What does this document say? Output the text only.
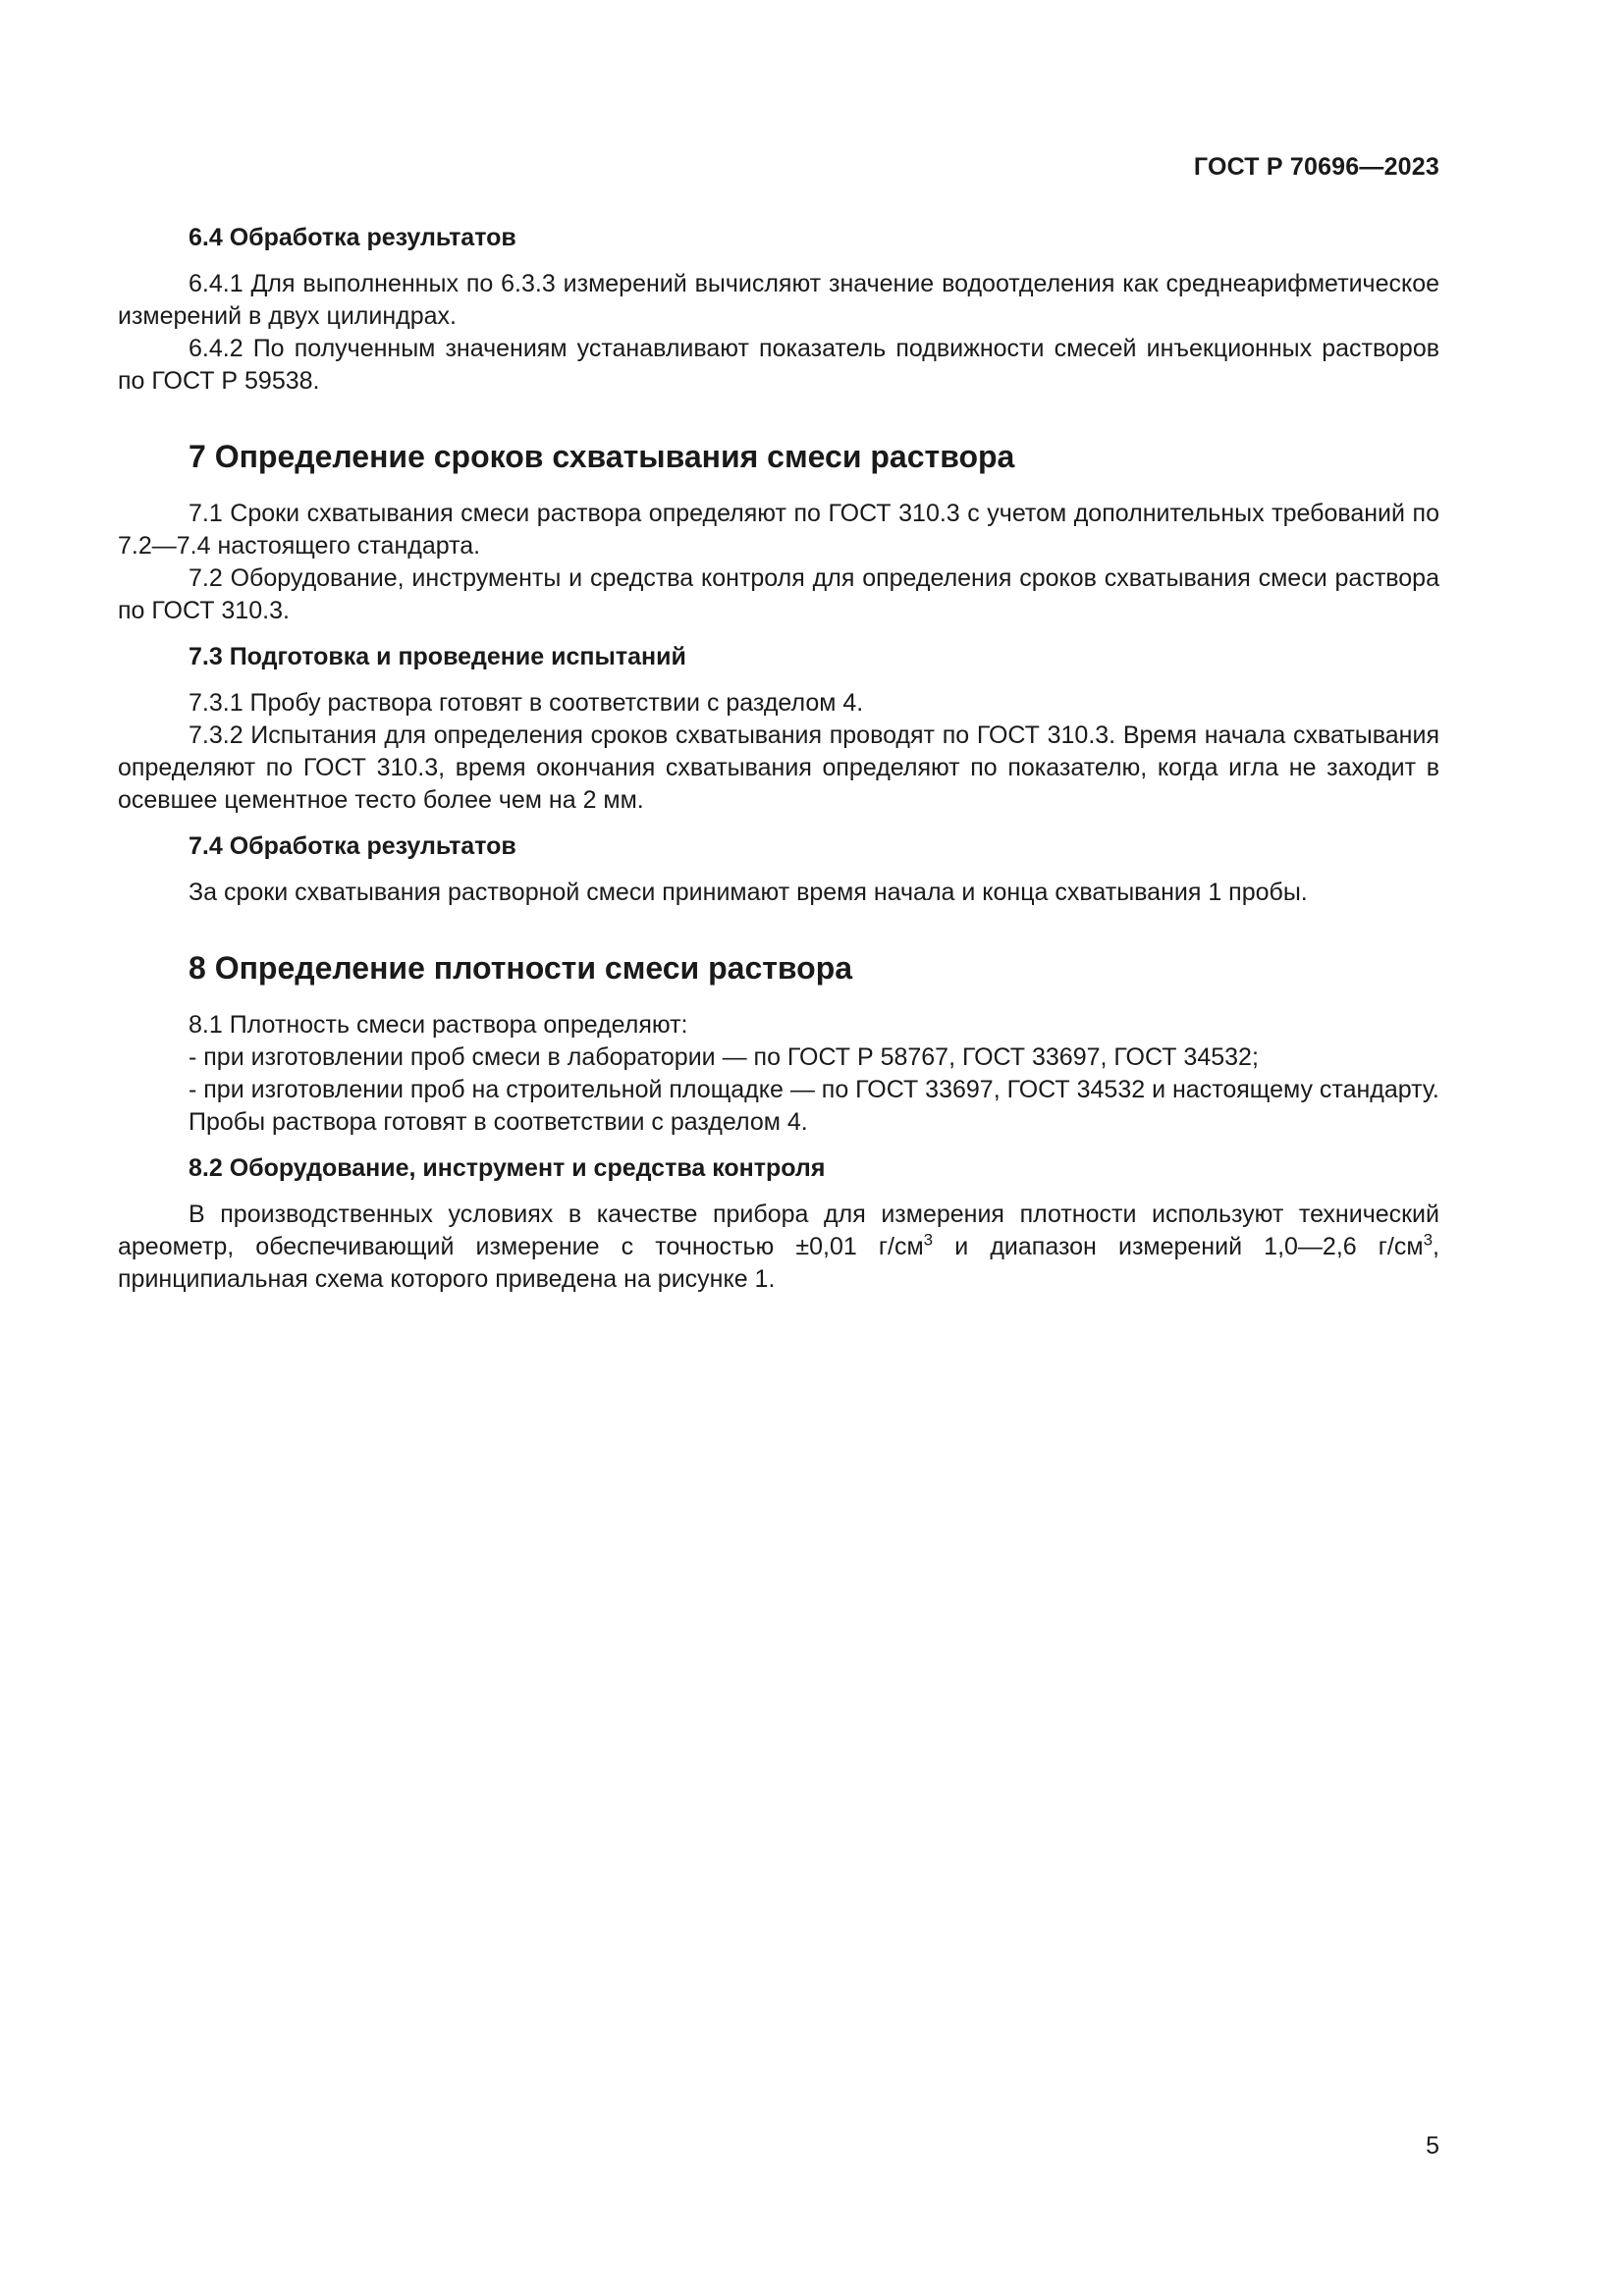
ГОСТ Р 70696—2023
6.4 Обработка результатов

6.4.1 Для выполненных по 6.3.3 измерений вычисляют значение водоотделения как среднеарифметическое измерений в двух цилиндрах.

6.4.2 По полученным значениям устанавливают показатель подвижности смесей инъекционных растворов по ГОСТ Р 59538.

7 Определение сроков схватывания смеси раствора

7.1 Сроки схватывания смеси раствора определяют по ГОСТ 310.3 с учетом дополнительных требований по 7.2—7.4 настоящего стандарта.

7.2 Оборудование, инструменты и средства контроля для определения сроков схватывания смеси раствора по ГОСТ 310.3.

7.3 Подготовка и проведение испытаний

7.3.1 Пробу раствора готовят в соответствии с разделом 4.

7.3.2 Испытания для определения сроков схватывания проводят по ГОСТ 310.3. Время начала схватывания определяют по ГОСТ 310.3, время окончания схватывания определяют по показателю, когда игла не заходит в осевшее цементное тесто более чем на 2 мм.

7.4 Обработка результатов

За сроки схватывания растворной смеси принимают время начала и конца схватывания 1 пробы.

8 Определение плотности смеси раствора

8.1 Плотность смеси раствора определяют:

- при изготовлении проб смеси в лаборатории — по ГОСТ Р 58767, ГОСТ 33697, ГОСТ 34532;

- при изготовлении проб на строительной площадке — по ГОСТ 33697, ГОСТ 34532 и настоящему стандарту.

Пробы раствора готовят в соответствии с разделом 4.

8.2 Оборудование, инструмент и средства контроля

В производственных условиях в качестве прибора для измерения плотности используют технический ареометр, обеспечивающий измерение с точностью ±0,01 $г/см^3$ и диапазон измерений 1,0—2,6 $г/см^3$, принципиальная схема которого приведена на рисунке 1.

5
